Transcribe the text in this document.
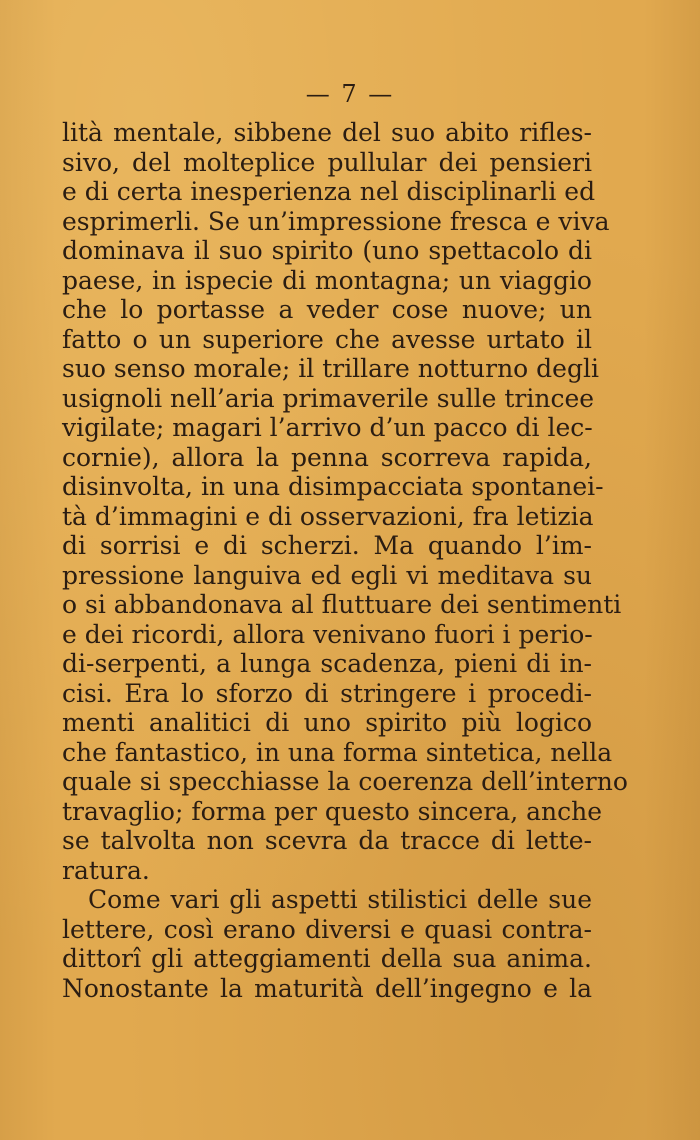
— 7 —
lità mentale, sibbene del suo abito rifles-
sivo, del molteplice pullular dei pensieri
e di certa inesperienza nel disciplinarli ed
esprimerli. Se un’impressione fresca e viva
dominava il suo spirito (uno spettacolo di
paese, in ispecie di montagna; un viaggio
che lo portasse a veder cose nuove; un
fatto o un superiore che avesse urtato il
suo senso morale; il trillare notturno degli
usignoli nell’aria primaverile sulle trincee
vigilate; magari l’arrivo d’un pacco di lec-
cornie), allora la penna scorreva rapida,
disinvolta, in una disimpacciata spontanei-
tà d’immagini e di osservazioni, fra letizia
di sorrisi e di scherzi. Ma quando l’im-
pressione languiva ed egli vi meditava su
o si abbandonava al fluttuare dei sentimenti
e dei ricordi, allora venivano fuori i perio-
di-serpenti, a lunga scadenza, pieni di in-
cisi. Era lo sforzo di stringere i procedi-
menti analitici di uno spirito più logico
che fantastico, in una forma sintetica, nella
quale si specchiasse la coerenza dell’interno
travaglio; forma per questo sincera, anche
se talvolta non scevra da tracce di lette-
ratura.
Come vari gli aspetti stilistici delle sue
lettere, così erano diversi e quasi contra-
dittorî gli atteggiamenti della sua anima.
Nonostante la maturità dell’ingegno e la
